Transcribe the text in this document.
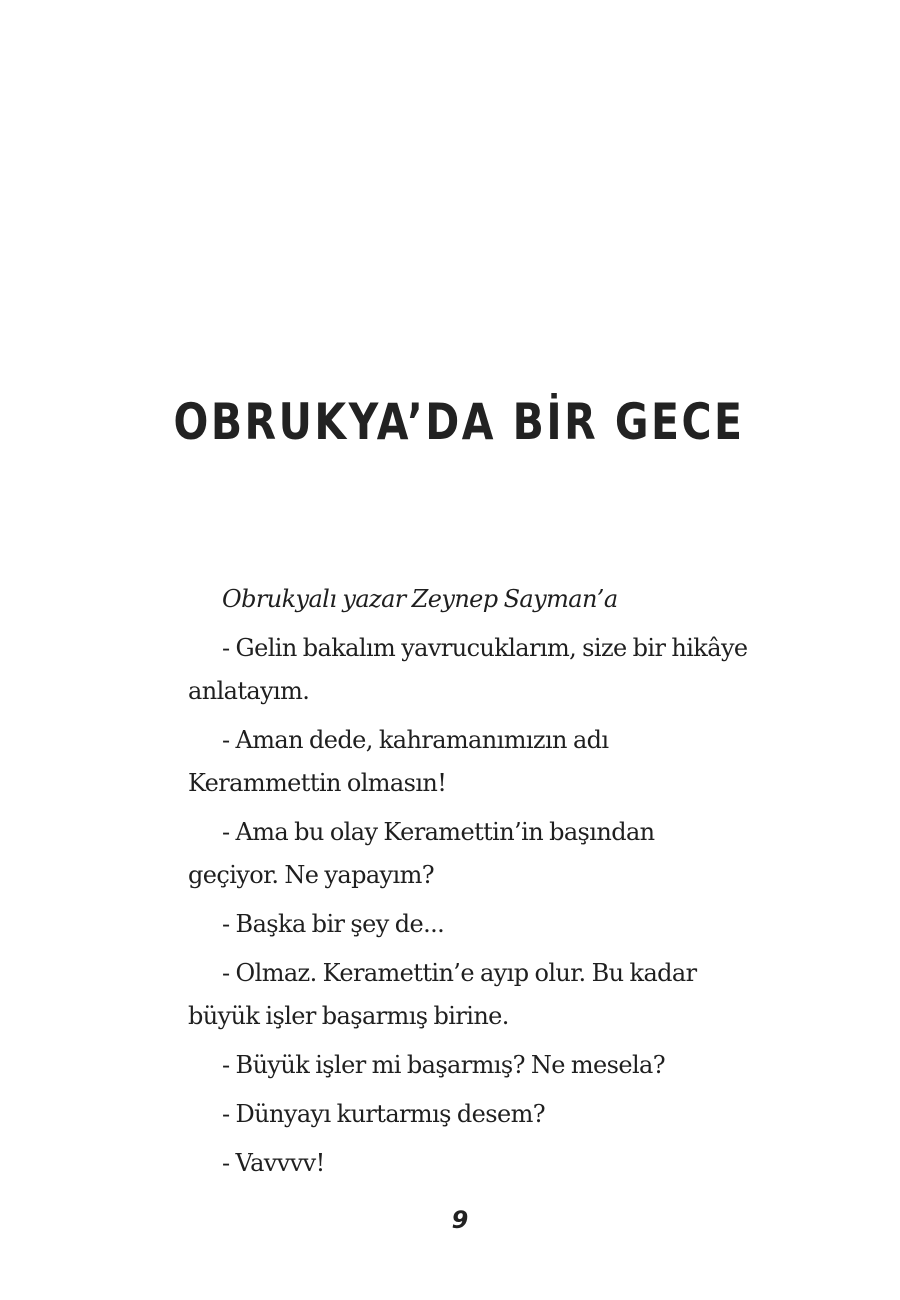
OBRUKYA’DA BİR GECE

Obrukyalı yazar Zeynep Sayman’a

- Gelin bakalım yavrucuklarım, size bir hikâye anlatayım.

- Aman dede, kahramanımızın adı Kerammettin olmasın!

- Ama bu olay Keramettin’in başından geçiyor. Ne yapayım?

- Başka bir şey de...

- Olmaz. Keramettin’e ayıp olur. Bu kadar büyük işler başarmış birine.

- Büyük işler mi başarmış? Ne mesela?

- Dünyayı kurtarmış desem?

- Vavvvv!

9
